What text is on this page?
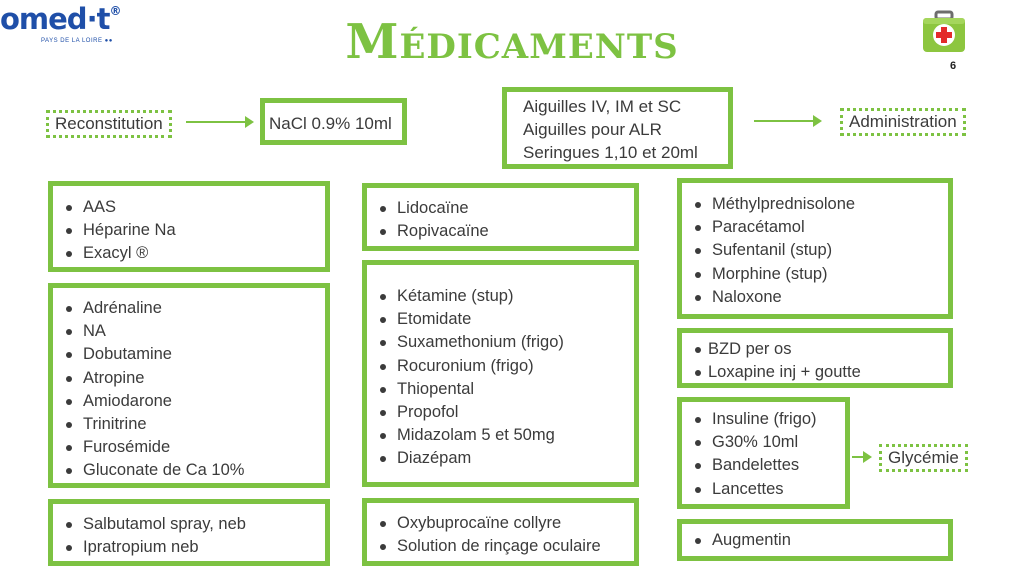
omed·t®
PAYS DE LA LOIRE ●●	Médicaments	6
Reconstitution	NaCl 0.9% 10ml
Aiguilles IV, IM et SC
Aiguilles pour ALR
Seringues 1,10 et 20ml
Administration
AAS
Héparine Na
Exacyl ®
Adrénaline
NA
Dobutamine
Atropine
Amiodarone
Trinitrine
Furosémide
Gluconate de Ca 10%
Salbutamol spray, neb
Ipratropium neb
Lidocaïne
Ropivacaïne
Kétamine (stup)
Etomidate
Suxamethonium (frigo)
Rocuronium (frigo)
Thiopental
Propofol
Midazolam 5 et 50mg
Diazépam
Oxybuprocaïne collyre
Solution de rinçage oculaire
Méthylprednisolone
Paracétamol
Sufentanil (stup)
Morphine (stup)
Naloxone
BZD per os
Loxapine inj + goutte
Insuline (frigo)
G30% 10ml
Bandelettes
Lancettes
Glycémie
Augmentin
